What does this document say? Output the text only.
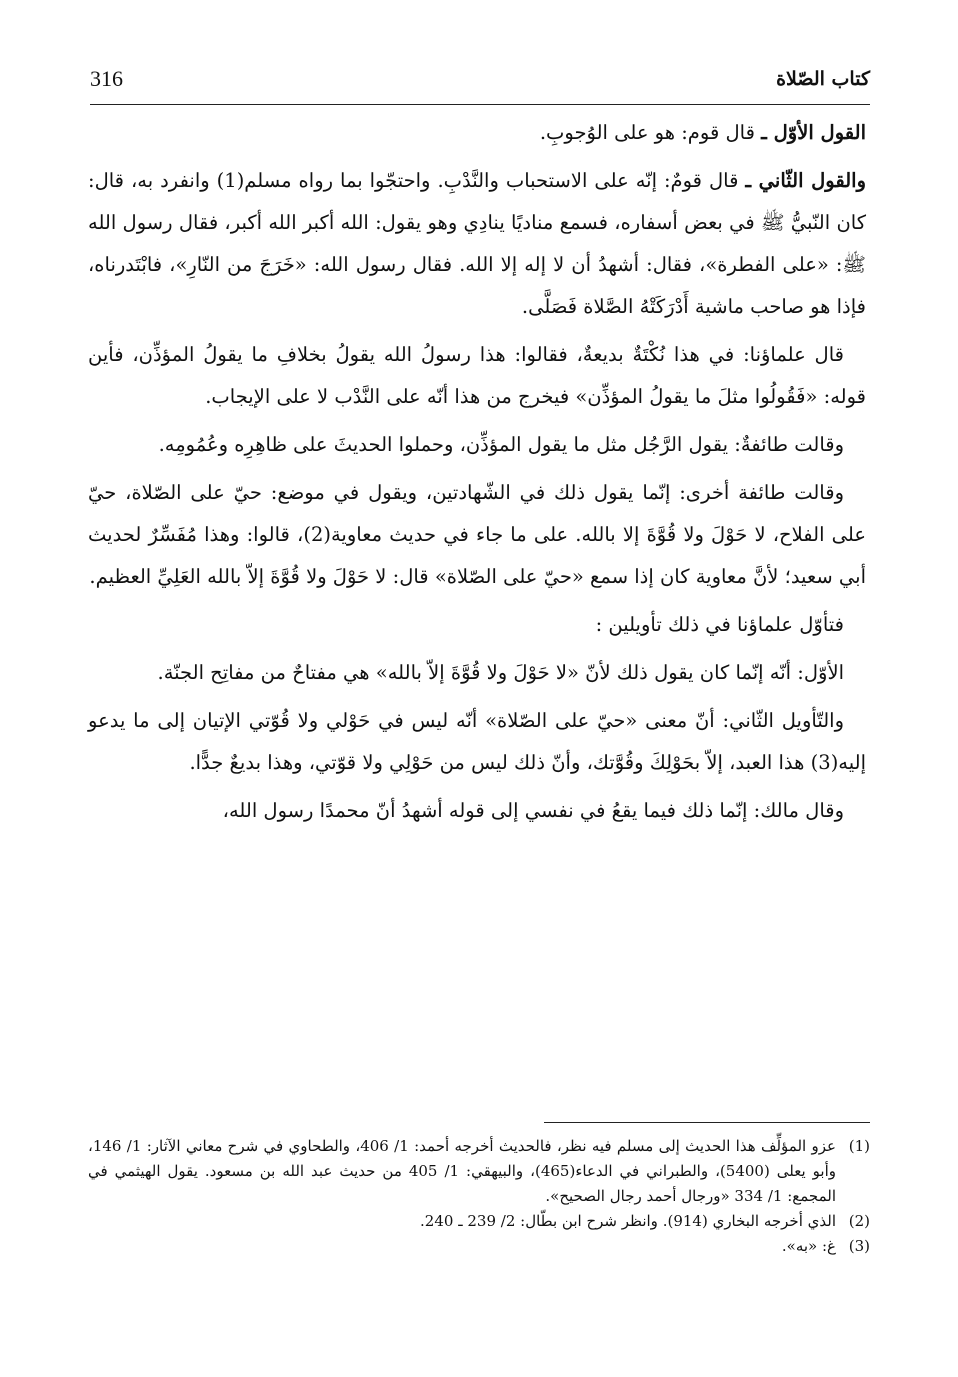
316	كتاب الصّلاة

القول الأوّل ـ قال قوم: هو على الوُجوبِ.

والقول الثّاني ـ قال قومٌ: إنّه على الاستحباب والنَّدْبِ. واحتجّوا بما رواه مسلم(1) وانفرد به، قال: كان النّبيُّ ﷺ في بعض أسفاره، فسمع مناديًا ينادِي وهو يقول: الله أكبر الله أكبر، فقال رسول الله ﷺ: «على الفطرة»، فقال: أشهدُ أن لا إله إلا الله. فقال رسول الله: «خَرَجَ من النّارِ»، فابْتَدرناه، فإذا هو صاحب ماشية أَدْرَكَتْهُ الصَّلاة فَصَلَّى.

قال علماؤنا: في هذا نُكْتَةٌ بديعةٌ، فقالوا: هذا رسولُ الله يقولُ بخلافِ ما يقولُ المؤذِّن، فأين قوله: «فَقُولُوا مثلَ ما يقولُ المؤذِّن» فيخرج من هذا أنّه على النَّدْب لا على الإيجاب.

وقالت طائفةٌ: يقول الرَّجُل مثل ما يقول المؤذِّن، وحملوا الحديثَ على ظاهِرِه وعُمُومِه.

وقالت طائفة أخرى: إنّما يقول ذلك في الشّهادتين، ويقول في موضع: حيّ على الصّلاة، حيّ على الفلاح، لا حَوْلَ ولا قُوَّةَ إلا بالله. على ما جاء في حديث معاوية(2)، قالوا: وهذا مُفَسِّرٌ لحديث أبي سعيد؛ لأنَّ معاوية كان إذا سمع «حيّ على الصّلاة» قال: لا حَوْلَ ولا قُوَّةَ إلاّ بالله العَلِيِّ العظيم.

فتأوّل علماؤنا في ذلك تأويلين :

الأوّل: أنّه إنّما كان يقول ذلك لأنّ «لا حَوْلَ ولا قُوَّةَ إلاّ بالله» هي مفتاحٌ من مفاتِح الجنّة.

والتّأويل الثّاني: أنّ معنى «حيّ على الصّلاة» أنّه ليس في حَوْلي ولا قُوّتي الإتيان إلى ما يدعو إليه(3) هذا العبد، إلاّ بحَوْلِكَ وقُوَّتك، وأنّ ذلك ليس من حَوْلِي ولا قوّتي، وهذا بديعٌ جدًّا.

وقال مالك: إنّما ذلك فيما يقعُ في نفسي إلى قوله أشهدُ أنّ محمدًا رسول الله،

(1)
عزو المؤلِّف هذا الحديث إلى مسلم فيه نظر، فالحديث أخرجه أحمد: 1/ 406، والطحاوي في شرح معاني الآثار: 1/ 146، وأبو يعلى (5400)، والطبراني في الدعاء(465)، والبيهقي: 1/ 405 من حديث عبد الله بن مسعود. يقول الهيثمي في المجمع: 1/ 334 «ورجال أحمد رجال الصحيح».
(2)
الذي أخرجه البخاري (914). وانظر شرح ابن بطّال: 2/ 239 ـ 240.
(3)
غ: «به».
